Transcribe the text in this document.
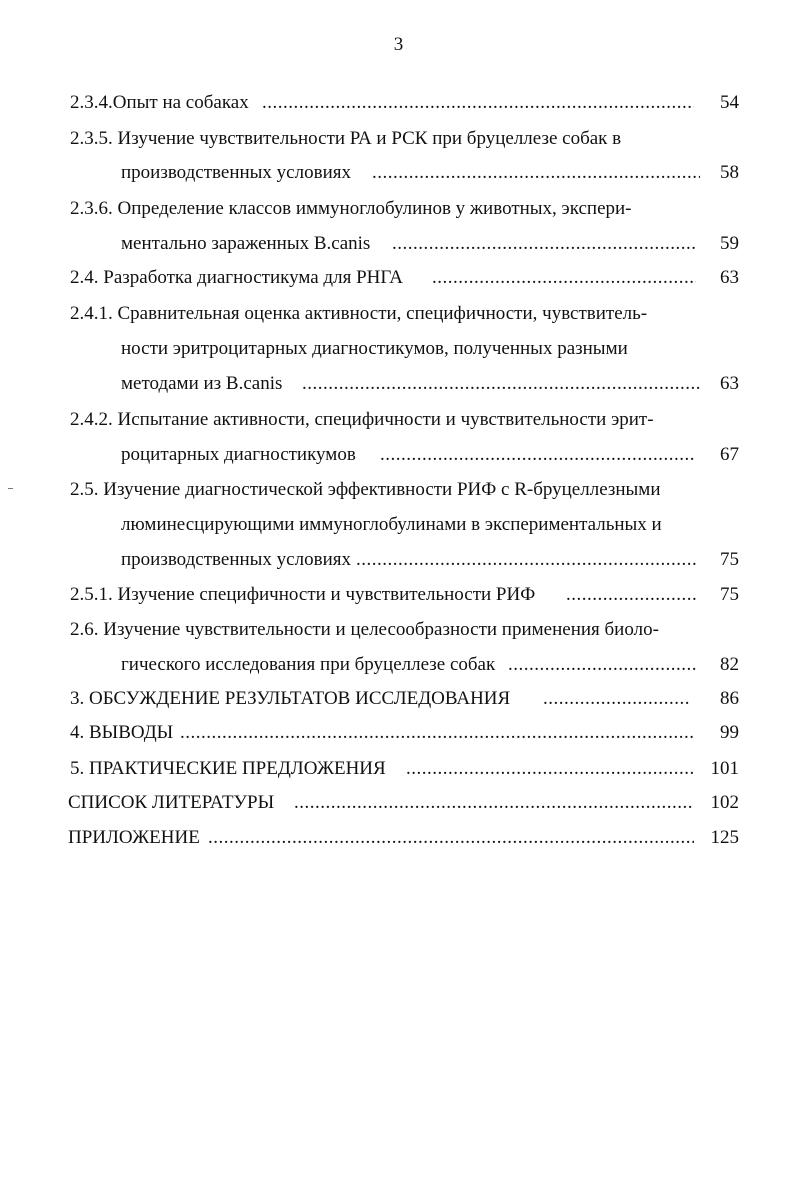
3
2.3.4.Опыт на собаках .....	54
2.3.5. Изучение чувствительности РА и РСК при бруцеллезе собак в
производственных условиях .....	58
2.3.6. Определение классов иммуноглобулинов у животных, экспери-
ментально зараженных B.canis .....	59
2.4. Разработка диагностикума для РНГА .....	63
2.4.1. Сравнительная оценка активности, специфичности, чувствитель-
ности эритроцитарных диагностикумов, полученных разными
методами из B.canis .....	63
2.4.2. Испытание активности, специфичности и чувствительности эрит-
роцитарных диагностикумов .....	67
2.5. Изучение диагностической эффективности РИФ с R-бруцеллезными
люминесцирующими иммуноглобулинами в экспериментальных и
производственных условиях .....	75
2.5.1. Изучение специфичности и чувствительности РИФ .....	75
2.6. Изучение чувствительности и целесообразности применения биоло-
гического исследования при бруцеллезе собак .....	82
3. ОБСУЖДЕНИЕ РЕЗУЛЬТАТОВ ИССЛЕДОВАНИЯ .....	86
4. ВЫВОДЫ .....	99
5. ПРАКТИЧЕСКИЕ ПРЕДЛОЖЕНИЯ .....	101
СПИСОК ЛИТЕРАТУРЫ .....	102
ПРИЛОЖЕНИЕ .....	125
